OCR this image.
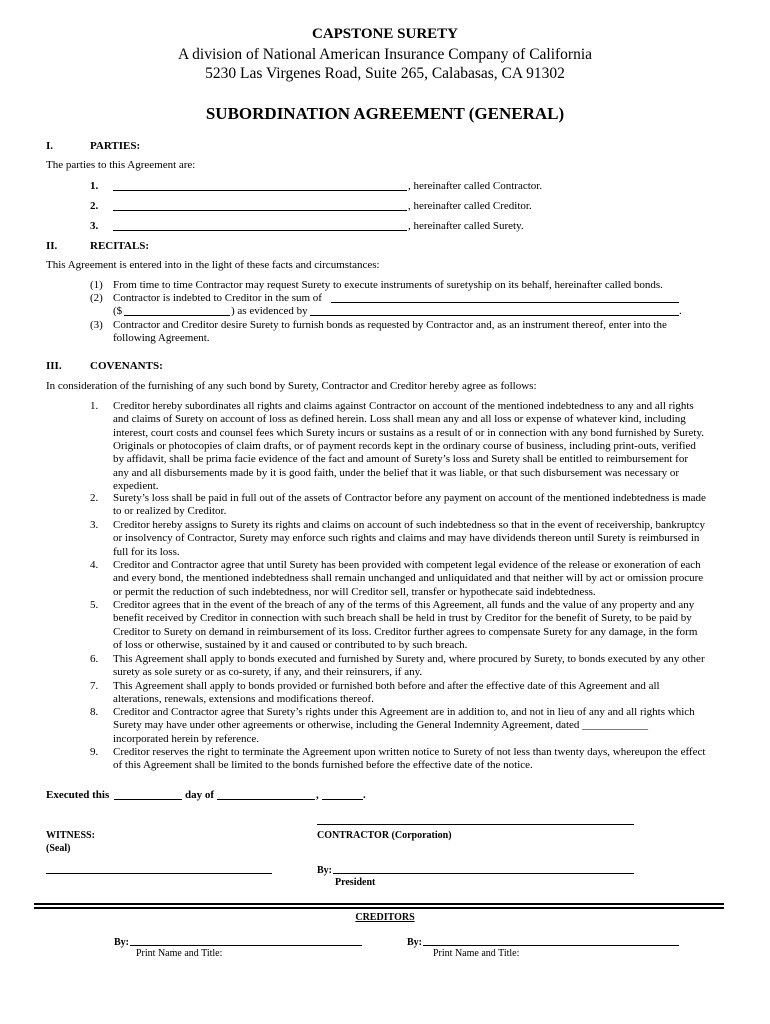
CAPSTONE SURETY
A division of National American Insurance Company of California
5230 Las Virgenes Road, Suite 265, Calabasas, CA 91302
SUBORDINATION AGREEMENT (GENERAL)
I.	PARTIES:
The parties to this Agreement are:
1.	, hereinafter called Contractor.
2.	, hereinafter called Creditor.
3.	, hereinafter called Surety.
II.	RECITALS:
This Agreement is entered into in the light of these facts and circumstances:
(1) From time to time Contractor may request Surety to execute instruments of suretyship on its behalf, hereinafter called bonds.
(2) Contractor is indebted to Creditor in the sum of
($	) as evidenced by	.
(3) Contractor and Creditor desire Surety to furnish bonds as requested by Contractor and, as an instrument thereof, enter into the
following Agreement.
III.	COVENANTS:
In consideration of the furnishing of any such bond by Surety, Contractor and Creditor hereby agree as follows:
1. Creditor hereby subordinates all rights and claims against Contractor on account of the mentioned indebtedness to any and all rights
and claims of Surety on account of loss as defined herein. Loss shall mean any and all loss or expense of whatever kind, including
interest, court costs and counsel fees which Surety incurs or sustains as a result of or in connection with any bond furnished by Surety.
Originals or photocopies of claim drafts, or of payment records kept in the ordinary course of business, including print-outs, verified
by affidavit, shall be prima facie evidence of the fact and amount of Surety’s loss and Surety shall be entitled to reimbursement for
any and all disbursements made by it is good faith, under the belief that it was liable, or that such disbursement was necessary or
expedient.
2. Surety’s loss shall be paid in full out of the assets of Contractor before any payment on account of the mentioned indebtedness is made
to or realized by Creditor.
3. Creditor hereby assigns to Surety its rights and claims on account of such indebtedness so that in the event of receivership, bankruptcy
or insolvency of Contractor, Surety may enforce such rights and claims and may have dividends thereon until Surety is reimbursed in
full for its loss.
4. Creditor and Contractor agree that until Surety has been provided with competent legal evidence of the release or exoneration of each
and every bond, the mentioned indebtedness shall remain unchanged and unliquidated and that neither will by act or omission procure
or permit the reduction of such indebtedness, nor will Creditor sell, transfer or hypothecate said indebtedness.
5. Creditor agrees that in the event of the breach of any of the terms of this Agreement, all funds and the value of any property and any
benefit received by Creditor in connection with such breach shall be held in trust by Creditor for the benefit of Surety, to be paid by
Creditor to Surety on demand in reimbursement of its loss. Creditor further agrees to compensate Surety for any damage, in the form
of loss or otherwise, sustained by it and caused or contributed to by such breach.
6. This Agreement shall apply to bonds executed and furnished by Surety and, where procured by Surety, to bonds executed by any other
surety as sole surety or as co-surety, if any, and their reinsurers, if any.
7. This Agreement shall apply to bonds provided or furnished both before and after the effective date of this Agreement and all
alterations, renewals, extensions and modifications thereof.
8. Creditor and Contractor agree that Surety’s rights under this Agreement are in addition to, and not in lieu of any and all rights which
Surety may have under other agreements or otherwise, including the General Indemnity Agreement, dated ____________
incorporated herein by reference.
9. Creditor reserves the right to terminate the Agreement upon written notice to Surety of not less than twenty days, whereupon the effect
of this Agreement shall be limited to the bonds furnished before the effective date of the notice.
Executed this	day of	,	.
WITNESS:
(Seal)
CONTRACTOR (Corporation)
By:
President
CREDITORS
By:
Print Name and Title:
By:
Print Name and Title:
